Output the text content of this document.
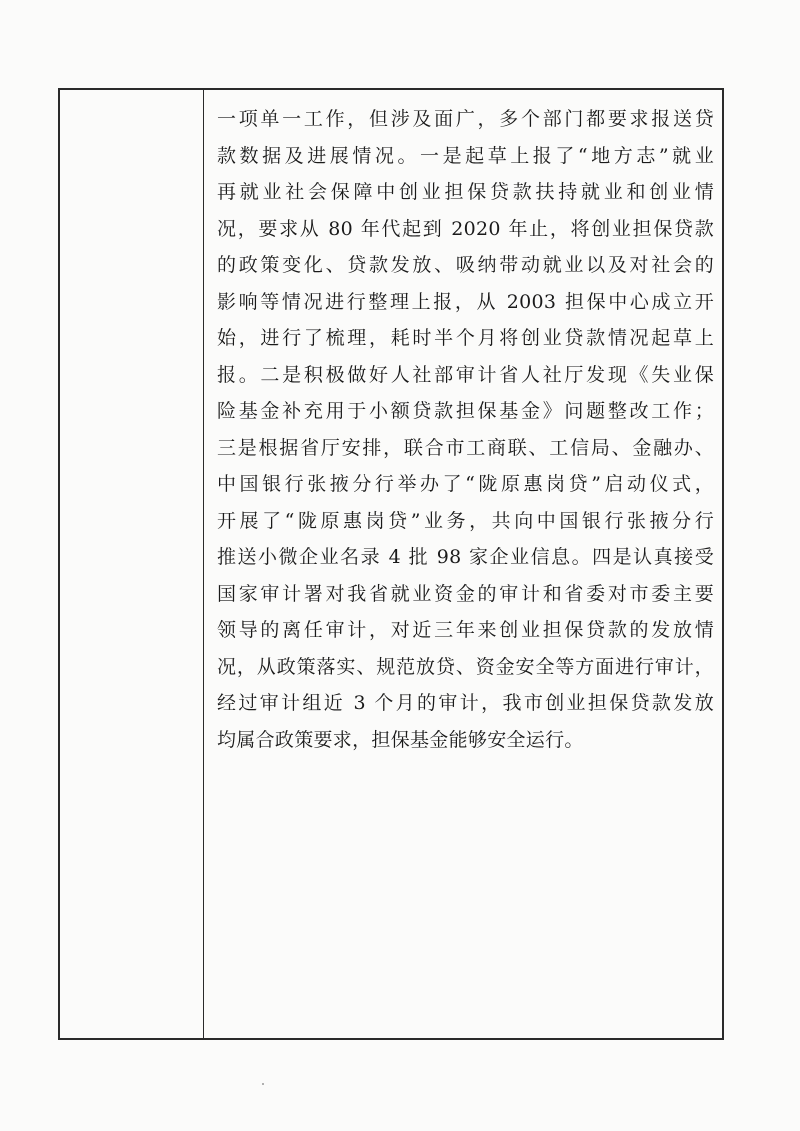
一项单一工作，但涉及面广，多个部门都要求报送贷
款数据及进展情况。一是起草上报了“地方志”就业
再就业社会保障中创业担保贷款扶持就业和创业情
况，要求从 80 年代起到 2020 年止，将创业担保贷款
的政策变化、贷款发放、吸纳带动就业以及对社会的
影响等情况进行整理上报，从 2003 担保中心成立开
始，进行了梳理，耗时半个月将创业贷款情况起草上
报。二是积极做好人社部审计省人社厅发现《失业保
险基金补充用于小额贷款担保基金》问题整改工作；
三是根据省厅安排，联合市工商联、工信局、金融办、
中国银行张掖分行举办了“陇原惠岗贷”启动仪式，
开展了“陇原惠岗贷”业务，共向中国银行张掖分行
推送小微企业名录 4 批 98 家企业信息。四是认真接受
国家审计署对我省就业资金的审计和省委对市委主要
领导的离任审计，对近三年来创业担保贷款的发放情
况，从政策落实、规范放贷、资金安全等方面进行审计，
经过审计组近 3 个月的审计，我市创业担保贷款发放
均属合政策要求，担保基金能够安全运行。
